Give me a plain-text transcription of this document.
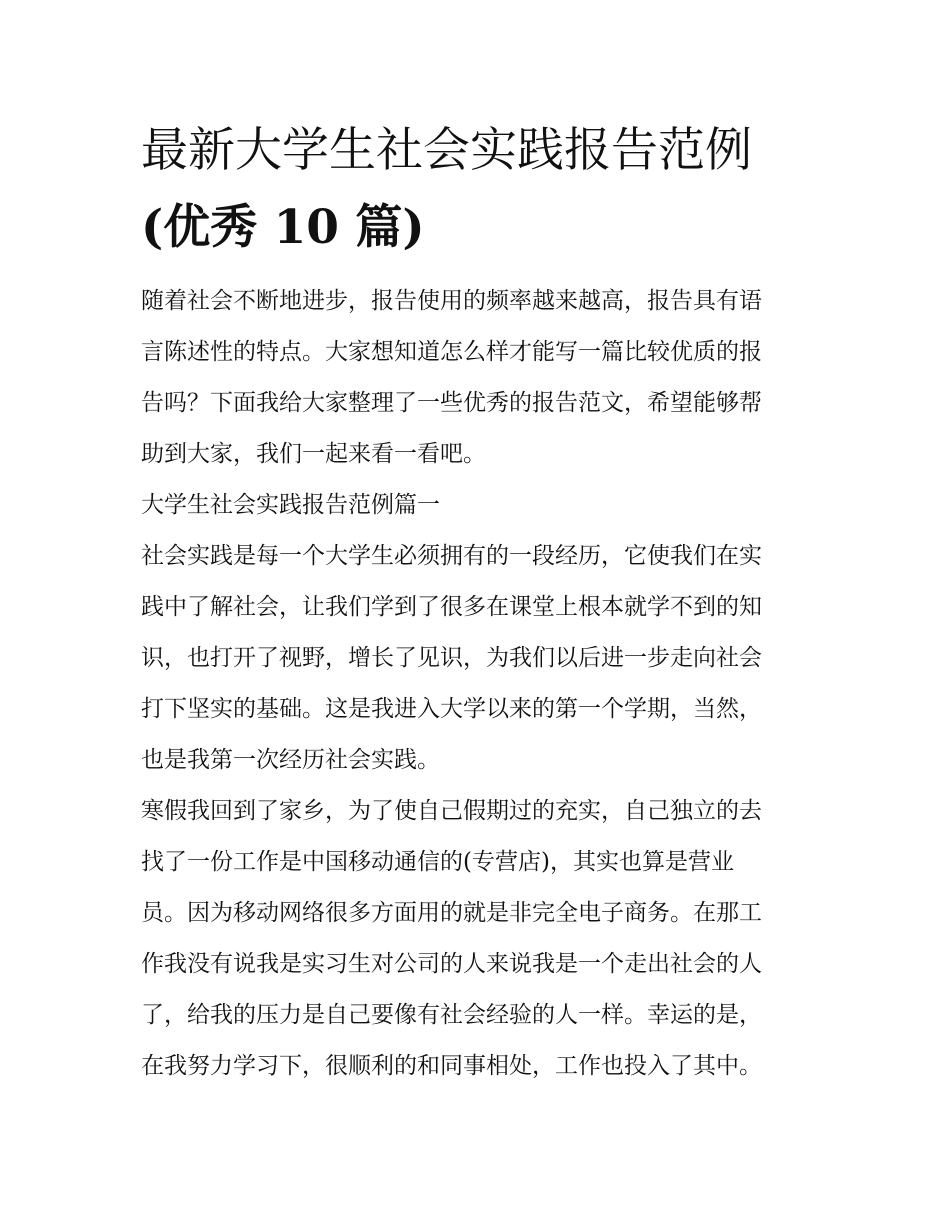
最新大学生社会实践报告范例
(优秀 10 篇)

随着社会不断地进步，报告使用的频率越来越高，报告具有语
言陈述性的特点。大家想知道怎么样才能写一篇比较优质的报
告吗？下面我给大家整理了一些优秀的报告范文，希望能够帮
助到大家，我们一起来看一看吧。

大学生社会实践报告范例篇一

社会实践是每一个大学生必须拥有的一段经历，它使我们在实
践中了解社会，让我们学到了很多在课堂上根本就学不到的知
识，也打开了视野，增长了见识，为我们以后进一步走向社会
打下坚实的基础。这是我进入大学以来的第一个学期，当然，
也是我第一次经历社会实践。

寒假我回到了家乡，为了使自己假期过的充实，自己独立的去
找了一份工作是中国移动通信的(专营店)，其实也算是营业
员。因为移动网络很多方面用的就是非完全电子商务。在那工
作我没有说我是实习生对公司的人来说我是一个走出社会的人
了，给我的压力是自己要像有社会经验的人一样。幸运的是，
在我努力学习下，很顺利的和同事相处，工作也投入了其中。
